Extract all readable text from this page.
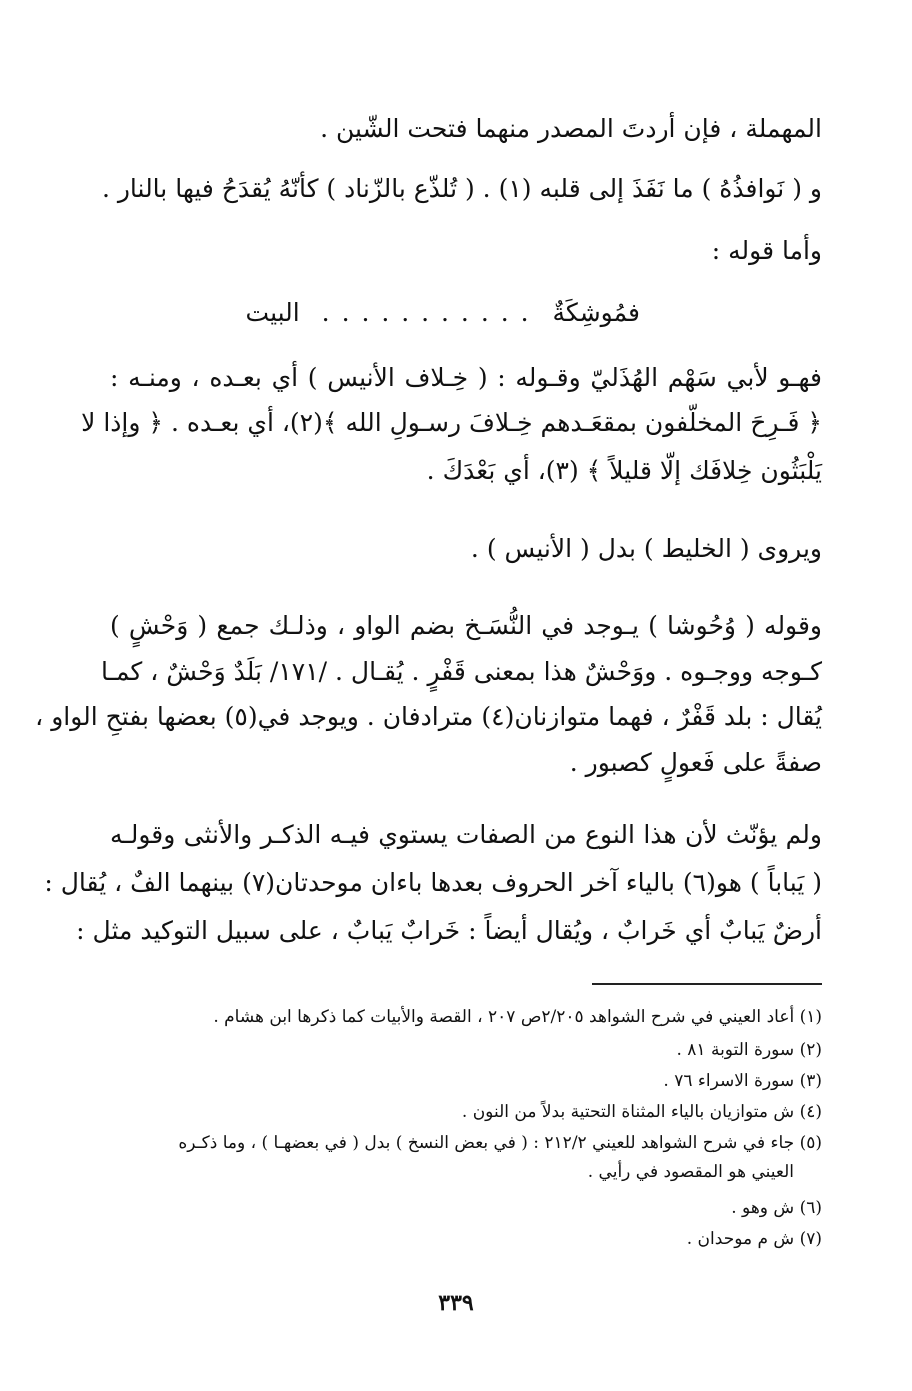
المهملة ، فإن أردتَ المصدر منهما فتحت الشّين .
و ( نَوافذُهُ ) ما نَفَذَ إلى قلبه (١) . ( تُلذّع بالزّناد ) كأنّهُ يُقدَحُ فيها بالنار .
وأما قوله :
فمُوشِكَةٌ . . . . . . . . . . . البيت
فهـو لأبي سَهْم الهُذَليّ وقـوله : ( خِـلاف الأنيس ) أي بعـده ، ومنـه :
﴿ فَـرِحَ المخلّفون بمقعَـدهم خِـلافَ رسـولِ الله ﴾(٢)، أي بعـده . ﴿ وإذا لا
يَلْبَثُون خِلافَك إلّا قليلاً ﴾ (٣)، أي بَعْدَكَ .
ويروى ( الخليط ) بدل ( الأنيس ) .
وقوله ( وُحُوشا ) يـوجد في النُّسَـخ بضم الواو ، وذلـك جمع ( وَحْشٍ )
كـوجه ووجـوه . ووَحْشٌ هذا بمعنى قَفْرٍ . يُقـال . /١٧١/ بَلَدٌ وَحْشٌ ، كمـا
يُقال : بلد قَفْرٌ ، فهما متوازنان(٤) مترادفان . ويوجد في(٥) بعضها بفتحِ الواو ،
صفةً على فَعولٍ كصبور .
ولم يؤنّث لأن هذا النوع من الصفات يستوي فيـه الذكـر والأنثى وقولـه
( يَباباً ) هو(٦) بالياء آخر الحروف بعدها باءان موحدتان(٧) بينهما الفٌ ، يُقال :
أرضٌ يَبابٌ أي خَرابٌ ، ويُقال أيضاً : خَرابٌ يَبابٌ ، على سبيل التوكيد مثل :
(١) أعاد العيني في شرح الشواهد ٢/٢٠٥ص ٢٠٧ ، القصة والأبيات كما ذكرها ابن هشام .
(٢) سورة التوبة ٨١ .
(٣) سورة الاسراء ٧٦ .
(٤) ش متوازيان بالياء المثناة التحتية بدلاً من النون .
(٥) جاء في شرح الشواهد للعيني ٢١٢/٢ : ( في بعض النسخ ) بدل ( في بعضهـا ) ، وما ذكـره
العيني هو المقصود في رأيي .
(٦) ش وهو .
(٧) ش م موحدان .
٣٣٩
